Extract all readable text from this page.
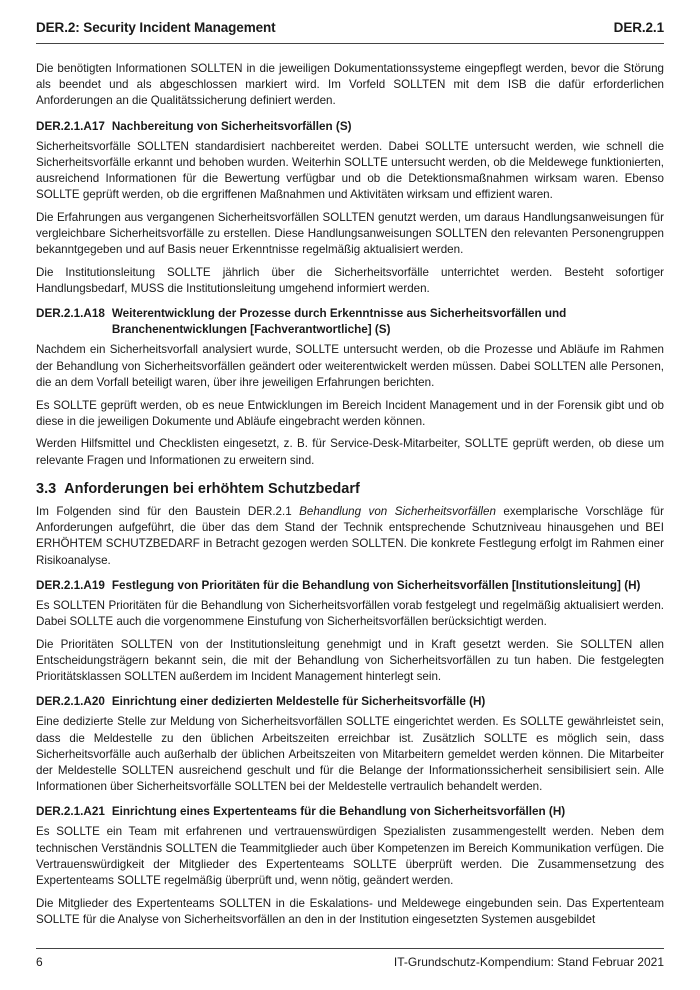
DER.2: Security Incident Management	DER.2.1

Die benötigten Informationen SOLLTEN in die jeweiligen Dokumentationssysteme eingepflegt werden, bevor die Störung als beendet und als abgeschlossen markiert wird. Im Vorfeld SOLLTEN mit dem ISB die dafür erforderlichen Anforderungen an die Qualitätssicherung definiert werden.

DER.2.1.A17 Nachbereitung von Sicherheitsvorfällen (S)

Sicherheitsvorfälle SOLLTEN standardisiert nachbereitet werden. Dabei SOLLTE untersucht werden, wie schnell die Sicherheitsvorfälle erkannt und behoben wurden. Weiterhin SOLLTE untersucht werden, ob die Meldewege funktionierten, ausreichend Informationen für die Bewertung verfügbar und ob die Detektionsmaßnahmen wirksam waren. Ebenso SOLLTE geprüft werden, ob die ergriffenen Maßnahmen und Aktivitäten wirksam und effizient waren.

Die Erfahrungen aus vergangenen Sicherheitsvorfällen SOLLTEN genutzt werden, um daraus Handlungsanweisungen für vergleichbare Sicherheitsvorfälle zu erstellen. Diese Handlungsanweisungen SOLLTEN den relevanten Personengruppen bekanntgegeben und auf Basis neuer Erkenntnisse regelmäßig aktualisiert werden.

Die Institutionsleitung SOLLTE jährlich über die Sicherheitsvorfälle unterrichtet werden. Besteht sofortiger Handlungsbedarf, MUSS die Institutionsleitung umgehend informiert werden.

DER.2.1.A18 Weiterentwicklung der Prozesse durch Erkenntnisse aus Sicherheitsvorfällen und Branchenentwicklungen [Fachverantwortliche] (S)

Nachdem ein Sicherheitsvorfall analysiert wurde, SOLLTE untersucht werden, ob die Prozesse und Abläufe im Rahmen der Behandlung von Sicherheitsvorfällen geändert oder weiterentwickelt werden müssen. Dabei SOLLTEN alle Personen, die an dem Vorfall beteiligt waren, über ihre jeweiligen Erfahrungen berichten.

Es SOLLTE geprüft werden, ob es neue Entwicklungen im Bereich Incident Management und in der Forensik gibt und ob diese in die jeweiligen Dokumente und Abläufe eingebracht werden können.

Werden Hilfsmittel und Checklisten eingesetzt, z. B. für Service-Desk-Mitarbeiter, SOLLTE geprüft werden, ob diese um relevante Fragen und Informationen zu erweitern sind.

3.3 Anforderungen bei erhöhtem Schutzbedarf

Im Folgenden sind für den Baustein DER.2.1 Behandlung von Sicherheitsvorfällen exemplarische Vorschläge für Anforderungen aufgeführt, die über das dem Stand der Technik entsprechende Schutzniveau hinausgehen und BEI ERHÖHTEM SCHUTZBEDARF in Betracht gezogen werden SOLLTEN. Die konkrete Festlegung erfolgt im Rahmen einer Risikoanalyse.

DER.2.1.A19 Festlegung von Prioritäten für die Behandlung von Sicherheitsvorfällen [Institutionsleitung] (H)

Es SOLLTEN Prioritäten für die Behandlung von Sicherheitsvorfällen vorab festgelegt und regelmäßig aktualisiert werden. Dabei SOLLTE auch die vorgenommene Einstufung von Sicherheitsvorfällen berücksichtigt werden.

Die Prioritäten SOLLTEN von der Institutionsleitung genehmigt und in Kraft gesetzt werden. Sie SOLLTEN allen Entscheidungsträgern bekannt sein, die mit der Behandlung von Sicherheitsvorfällen zu tun haben. Die festgelegten Prioritätsklassen SOLLTEN außerdem im Incident Management hinterlegt sein.

DER.2.1.A20 Einrichtung einer dedizierten Meldestelle für Sicherheitsvorfälle (H)

Eine dedizierte Stelle zur Meldung von Sicherheitsvorfällen SOLLTE eingerichtet werden. Es SOLLTE gewährleistet sein, dass die Meldestelle zu den üblichen Arbeitszeiten erreichbar ist. Zusätzlich SOLLTE es möglich sein, dass Sicherheitsvorfälle auch außerhalb der üblichen Arbeitszeiten von Mitarbeitern gemeldet werden können. Die Mitarbeiter der Meldestelle SOLLTEN ausreichend geschult und für die Belange der Informationssicherheit sensibilisiert sein. Alle Informationen über Sicherheitsvorfälle SOLLTEN bei der Meldestelle vertraulich behandelt werden.

DER.2.1.A21 Einrichtung eines Expertenteams für die Behandlung von Sicherheitsvorfällen (H)

Es SOLLTE ein Team mit erfahrenen und vertrauenswürdigen Spezialisten zusammengestellt werden. Neben dem technischen Verständnis SOLLTEN die Teammitglieder auch über Kompetenzen im Bereich Kommunikation verfügen. Die Vertrauenswürdigkeit der Mitglieder des Expertenteams SOLLTE überprüft werden. Die Zusammensetzung des Expertenteams SOLLTE regelmäßig überprüft und, wenn nötig, geändert werden.

Die Mitglieder des Expertenteams SOLLTEN in die Eskalations- und Meldewege eingebunden sein. Das Expertenteam SOLLTE für die Analyse von Sicherheitsvorfällen an den in der Institution eingesetzten Systemen ausgebildet

6	IT-Grundschutz-Kompendium: Stand Februar 2021
